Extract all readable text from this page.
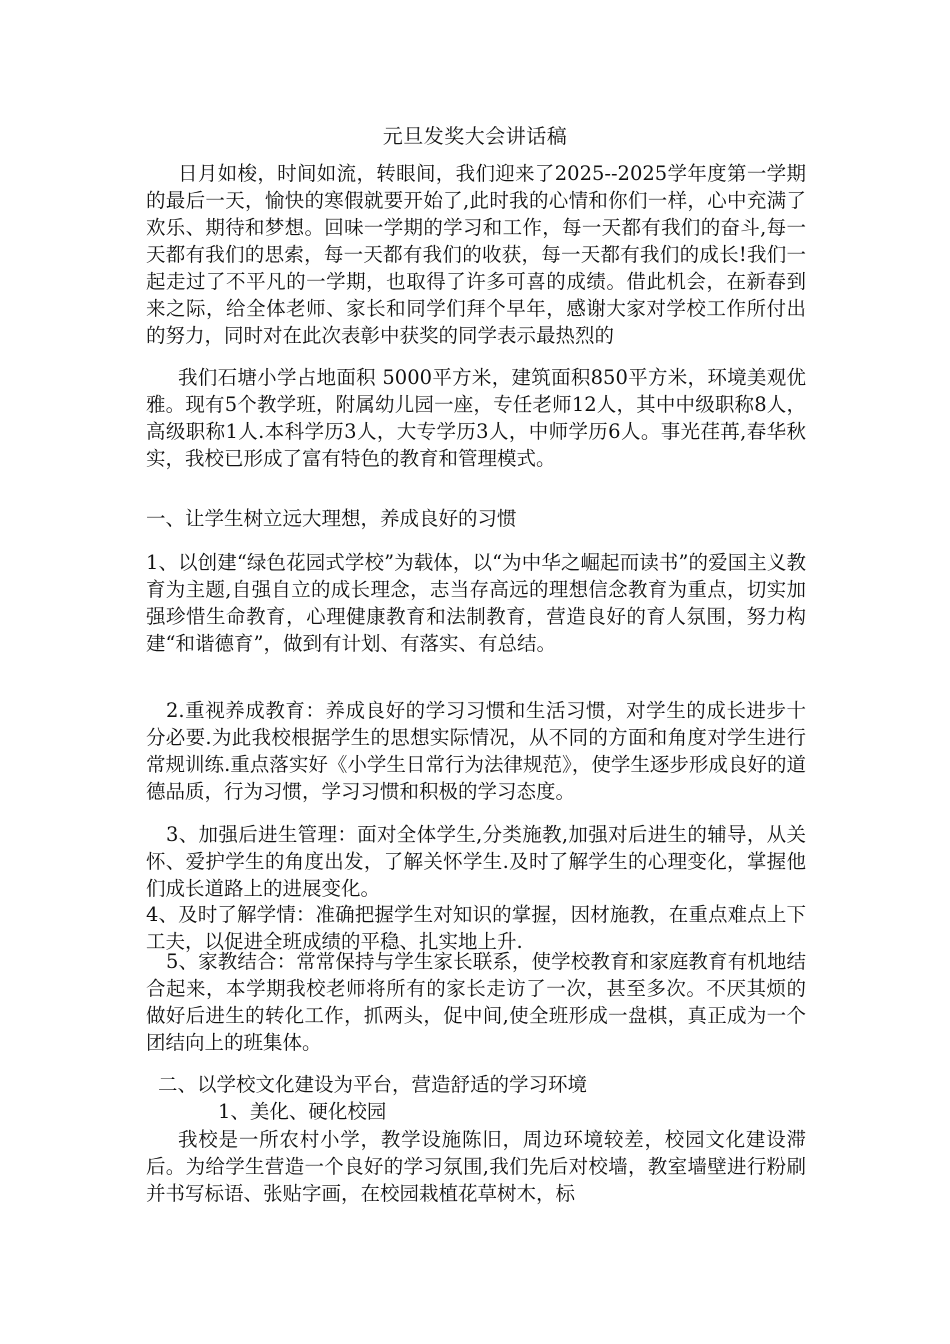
元旦发奖大会讲话稿
日月如梭，时间如流，转眼间，我们迎来了2025--2025学年度第一学期的最后一天，愉快的寒假就要开始了,此时我的心情和你们一样，心中充满了欢乐、期待和梦想。回味一学期的学习和工作，每一天都有我们的奋斗,每一天都有我们的思索，每一天都有我们的收获，每一天都有我们的成长!我们一起走过了不平凡的一学期，也取得了许多可喜的成绩。借此机会，在新春到来之际，给全体老师、家长和同学们拜个早年，感谢大家对学校工作所付出的努力，同时对在此次表彰中获奖的同学表示最热烈的
我们石塘小学占地面积 5000平方米，建筑面积850平方米，环境美观优雅。现有5个教学班，附属幼儿园一座，专任老师12人，其中中级职称8人，高级职称1人.本科学历3人，大专学历3人，中师学历6人。事光荏苒,春华秋实，我校已形成了富有特色的教育和管理模式。
一、让学生树立远大理想，养成良好的习惯
1、以创建“绿色花园式学校”为载体，以“为中华之崛起而读书”的爱国主义教育为主题,自强自立的成长理念，志当存高远的理想信念教育为重点，切实加强珍惜生命教育，心理健康教育和法制教育，营造良好的育人氛围，努力构建“和谐德育”，做到有计划、有落实、有总结。
2.重视养成教育：养成良好的学习习惯和生活习惯，对学生的成长进步十分必要.为此我校根据学生的思想实际情况，从不同的方面和角度对学生进行常规训练.重点落实好《小学生日常行为法律规范》，使学生逐步形成良好的道德品质，行为习惯，学习习惯和积极的学习态度。
3、加强后进生管理：面对全体学生,分类施教,加强对后进生的辅导，从关怀、爱护学生的角度出发，了解关怀学生.及时了解学生的心理变化，掌握他们成长道路上的进展变化。
4、及时了解学情：准确把握学生对知识的掌握，因材施教，在重点难点上下工夫，以促进全班成绩的平稳、扎实地上升.
5、家教结合：常常保持与学生家长联系，使学校教育和家庭教育有机地结合起来，本学期我校老师将所有的家长走访了一次，甚至多次。不厌其烦的做好后进生的转化工作，抓两头，促中间,使全班形成一盘棋，真正成为一个团结向上的班集体。
二、以学校文化建设为平台，营造舒适的学习环境
1、美化、硬化校园
我校是一所农村小学，教学设施陈旧，周边环境较差，校园文化建设滞后。为给学生营造一个良好的学习氛围,我们先后对校墙，教室墙壁进行粉刷并书写标语、张贴字画，在校园栽植花草树木，标
